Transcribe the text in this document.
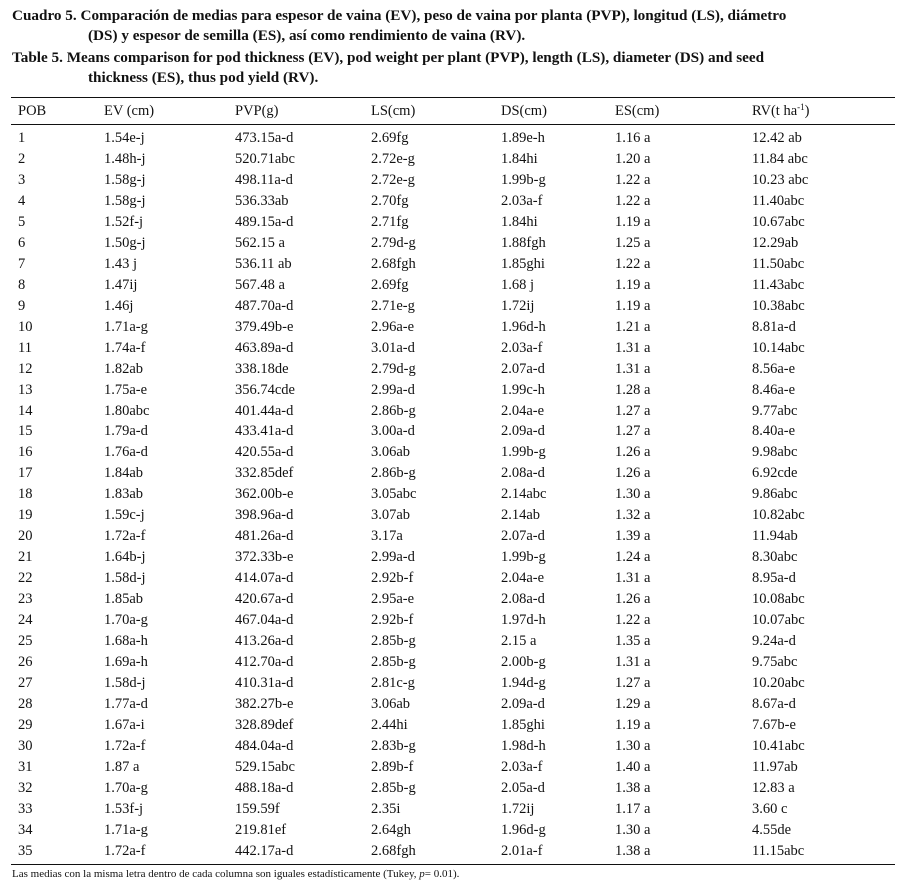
Cuadro 5. Comparación de medias para espesor de vaina (EV), peso de vaina por planta (PVP), longitud (LS), diámetro
(DS) y espesor de semilla (ES), así como rendimiento de vaina (RV).
Table 5. Means comparison for pod thickness (EV), pod weight per plant (PVP), length (LS), diameter (DS) and seed
thickness (ES), thus pod yield (RV).
POB	EV (cm)	PVP(g)	LS(cm)	DS(cm)	ES(cm)	RV(t $ha^{-1}$)
1	1.54e-j	473.15a-d	2.69fg	1.89e-h	1.16 a	12.42 ab
2	1.48h-j	520.71abc	2.72e-g	1.84hi	1.20 a	11.84 abc
3	1.58g-j	498.11a-d	2.72e-g	1.99b-g	1.22 a	10.23 abc
4	1.58g-j	536.33ab	2.70fg	2.03a-f	1.22 a	11.40abc
5	1.52f-j	489.15a-d	2.71fg	1.84hi	1.19 a	10.67abc
6	1.50g-j	562.15 a	2.79d-g	1.88fgh	1.25 a	12.29ab
7	1.43 j	536.11 ab	2.68fgh	1.85ghi	1.22 a	11.50abc
8	1.47ij	567.48 a	2.69fg	1.68 j	1.19 a	11.43abc
9	1.46j	487.70a-d	2.71e-g	1.72ij	1.19 a	10.38abc
10	1.71a-g	379.49b-e	2.96a-e	1.96d-h	1.21 a	8.81a-d
11	1.74a-f	463.89a-d	3.01a-d	2.03a-f	1.31 a	10.14abc
12	1.82ab	338.18de	2.79d-g	2.07a-d	1.31 a	8.56a-e
13	1.75a-e	356.74cde	2.99a-d	1.99c-h	1.28 a	8.46a-e
14	1.80abc	401.44a-d	2.86b-g	2.04a-e	1.27 a	9.77abc
15	1.79a-d	433.41a-d	3.00a-d	2.09a-d	1.27 a	8.40a-e
16	1.76a-d	420.55a-d	3.06ab	1.99b-g	1.26 a	9.98abc
17	1.84ab	332.85def	2.86b-g	2.08a-d	1.26 a	6.92cde
18	1.83ab	362.00b-e	3.05abc	2.14abc	1.30 a	9.86abc
19	1.59c-j	398.96a-d	3.07ab	2.14ab	1.32 a	10.82abc
20	1.72a-f	481.26a-d	3.17a	2.07a-d	1.39 a	11.94ab
21	1.64b-j	372.33b-e	2.99a-d	1.99b-g	1.24 a	8.30abc
22	1.58d-j	414.07a-d	2.92b-f	2.04a-e	1.31 a	8.95a-d
23	1.85ab	420.67a-d	2.95a-e	2.08a-d	1.26 a	10.08abc
24	1.70a-g	467.04a-d	2.92b-f	1.97d-h	1.22 a	10.07abc
25	1.68a-h	413.26a-d	2.85b-g	2.15 a	1.35 a	9.24a-d
26	1.69a-h	412.70a-d	2.85b-g	2.00b-g	1.31 a	9.75abc
27	1.58d-j	410.31a-d	2.81c-g	1.94d-g	1.27 a	10.20abc
28	1.77a-d	382.27b-e	3.06ab	2.09a-d	1.29 a	8.67a-d
29	1.67a-i	328.89def	2.44hi	1.85ghi	1.19 a	7.67b-e
30	1.72a-f	484.04a-d	2.83b-g	1.98d-h	1.30 a	10.41abc
31	1.87 a	529.15abc	2.89b-f	2.03a-f	1.40 a	11.97ab
32	1.70a-g	488.18a-d	2.85b-g	2.05a-d	1.38 a	12.83 a
33	1.53f-j	159.59f	2.35i	1.72ij	1.17 a	3.60 c
34	1.71a-g	219.81ef	2.64gh	1.96d-g	1.30 a	4.55de
35	1.72a-f	442.17a-d	2.68fgh	2.01a-f	1.38 a	11.15abc
Las medias con la misma letra dentro de cada columna son iguales estadísticamente (Tukey, p= 0.01).
